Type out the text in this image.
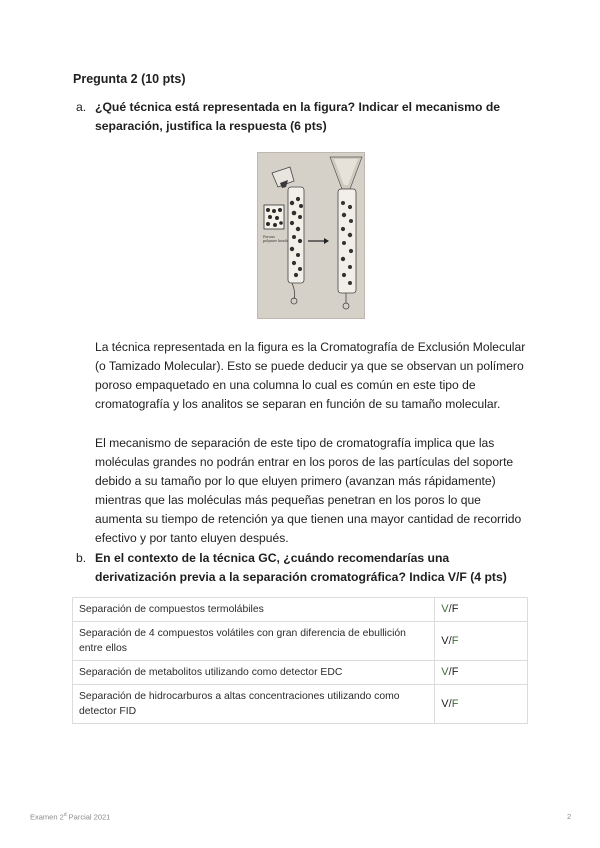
Pregunta 2 (10 pts)
a. ¿Qué técnica está representada en la figura? Indicar el mecanismo de separación, justifica la respuesta (6 pts)
Porous
polymer beads

La técnica representada en la figura es la Cromatografía de Exclusión Molecular (o Tamizado Molecular). Esto se puede deducir ya que se observan un polímero poroso empaquetado en una columna lo cual es común en este tipo de cromatografía y los analitos se separan en función de su tamaño molecular.

El mecanismo de separación de este tipo de cromatografía implica que las moléculas grandes no podrán entrar en los poros de las partículas del soporte debido a su tamaño por lo que eluyen primero (avanzan más rápidamente) mientras que las moléculas más pequeñas penetran en los poros lo que aumenta su tiempo de retención ya que tienen una mayor cantidad de recorrido efectivo y por tanto eluyen después.

b. En el contexto de la técnica GC, ¿cuándo recomendarías una derivatización previa a la separación cromatográfica? Indica V/F (4 pts)
Separación de compuestos termolábiles	V/F
Separación de 4 compuestos volátiles con gran diferencia de ebullición entre ellos	V/F
Separación de metabolitos utilizando como detector EDC	V/F
Separación de hidrocarburos a altas concentraciones utilizando como detector FID	V/F
Examen 2$^d$ Parcial 2021	2
